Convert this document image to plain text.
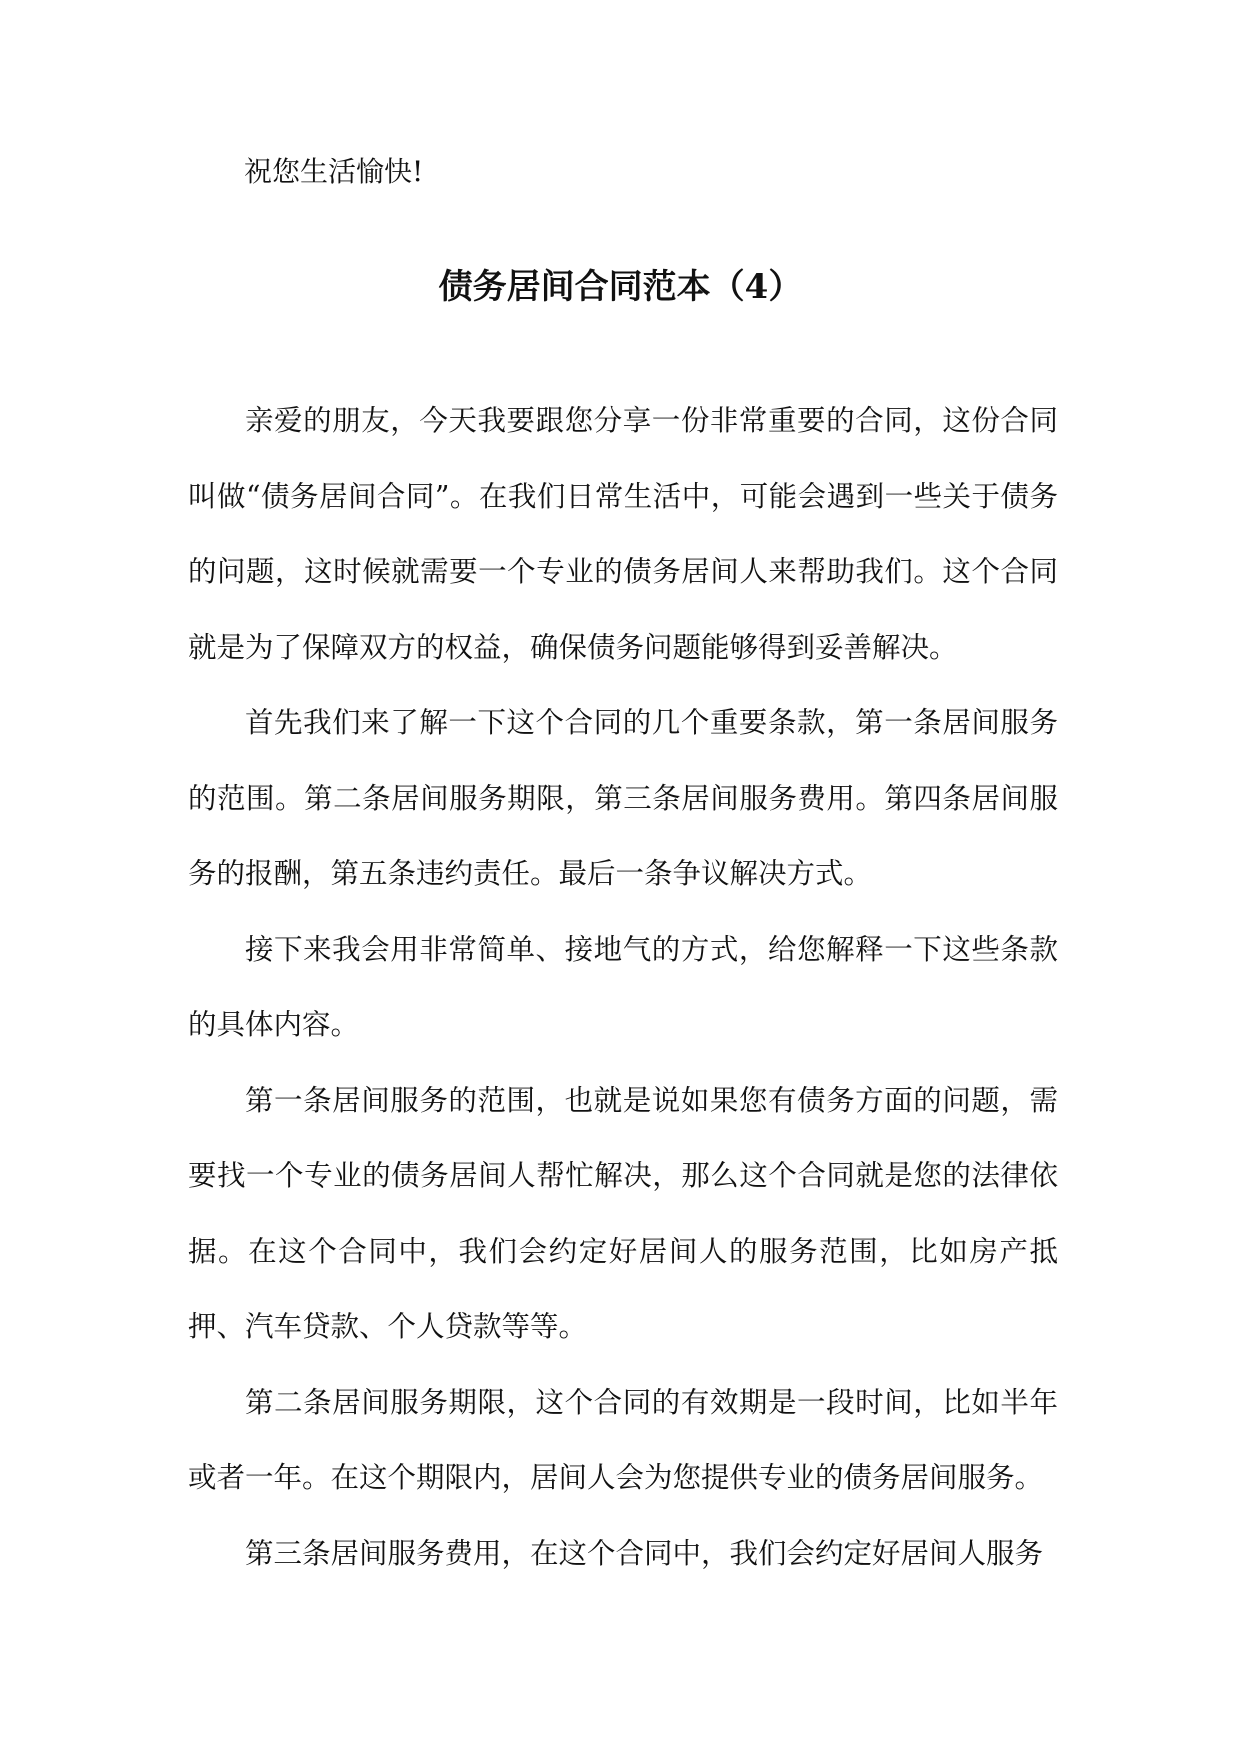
祝您生活愉快!

债务居间合同范本（4）

亲爱的朋友，今天我要跟您分享一份非常重要的合同，这份合同叫做“债务居间合同”。在我们日常生活中，可能会遇到一些关于债务的问题，这时候就需要一个专业的债务居间人来帮助我们。这个合同就是为了保障双方的权益，确保债务问题能够得到妥善解决。

首先我们来了解一下这个合同的几个重要条款，第一条居间服务的范围。第二条居间服务期限，第三条居间服务费用。第四条居间服务的报酬，第五条违约责任。最后一条争议解决方式。

接下来我会用非常简单、接地气的方式，给您解释一下这些条款的具体内容。

第一条居间服务的范围，也就是说如果您有债务方面的问题，需要找一个专业的债务居间人帮忙解决，那么这个合同就是您的法律依据。在这个合同中，我们会约定好居间人的服务范围，比如房产抵押、汽车贷款、个人贷款等等。

第二条居间服务期限，这个合同的有效期是一段时间，比如半年或者一年。在这个期限内，居间人会为您提供专业的债务居间服务。

第三条居间服务费用，在这个合同中，我们会约定好居间人服务
